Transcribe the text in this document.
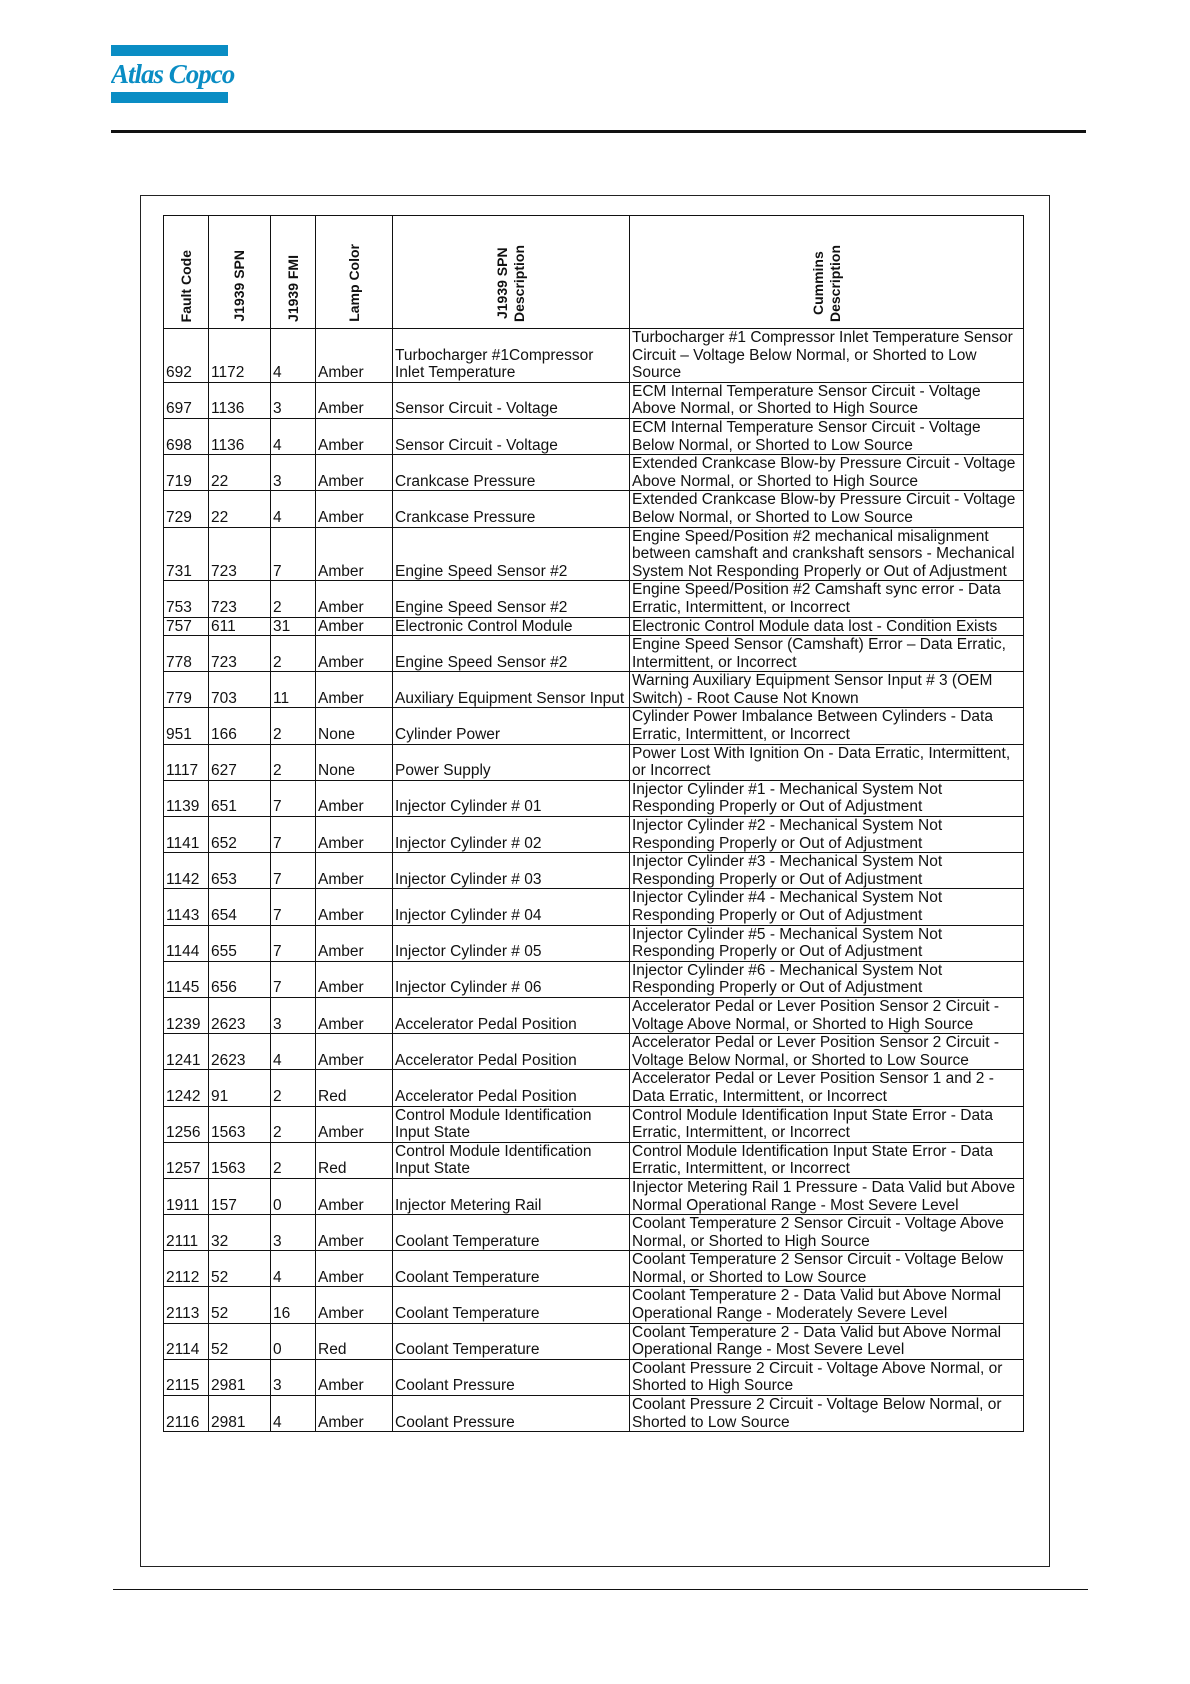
Atlas Copco
Fault Code	J1939 SPN	J1939 FMI	Lamp Color	J1939 SPN Description	Cummins Description

692	1172	4	Amber	Turbocharger #1Compressor Inlet Temperature	Turbocharger #1 Compressor Inlet Temperature Sensor Circuit – Voltage Below Normal, or Shorted to Low Source
697	1136	3	Amber	Sensor Circuit - Voltage	ECM Internal Temperature Sensor Circuit - Voltage Above Normal, or Shorted to High Source
698	1136	4	Amber	Sensor Circuit - Voltage	ECM Internal Temperature Sensor Circuit - Voltage Below Normal, or Shorted to Low Source
719	22	3	Amber	Crankcase Pressure	Extended Crankcase Blow-by Pressure Circuit - Voltage Above Normal, or Shorted to High Source
729	22	4	Amber	Crankcase Pressure	Extended Crankcase Blow-by Pressure Circuit - Voltage Below Normal, or Shorted to Low Source
731	723	7	Amber	Engine Speed Sensor #2	Engine Speed/Position #2 mechanical misalignment between camshaft and crankshaft sensors - Mechanical System Not Responding Properly or Out of Adjustment
753	723	2	Amber	Engine Speed Sensor #2	Engine Speed/Position #2 Camshaft sync error - Data Erratic, Intermittent, or Incorrect
757	611	31	Amber	Electronic Control Module	Electronic Control Module data lost - Condition Exists
778	723	2	Amber	Engine Speed Sensor #2	Engine Speed Sensor (Camshaft) Error – Data Erratic, Intermittent, or Incorrect
779	703	11	Amber	Auxiliary Equipment Sensor Input	Warning Auxiliary Equipment Sensor Input # 3 (OEM Switch) - Root Cause Not Known
951	166	2	None	Cylinder Power	Cylinder Power Imbalance Between Cylinders - Data Erratic, Intermittent, or Incorrect
1117	627	2	None	Power Supply	Power Lost With Ignition On - Data Erratic, Intermittent, or Incorrect
1139	651	7	Amber	Injector Cylinder # 01	Injector Cylinder #1 - Mechanical System Not Responding Properly or Out of Adjustment
1141	652	7	Amber	Injector Cylinder # 02	Injector Cylinder #2 - Mechanical System Not Responding Properly or Out of Adjustment
1142	653	7	Amber	Injector Cylinder # 03	Injector Cylinder #3 - Mechanical System Not Responding Properly or Out of Adjustment
1143	654	7	Amber	Injector Cylinder # 04	Injector Cylinder #4 - Mechanical System Not Responding Properly or Out of Adjustment
1144	655	7	Amber	Injector Cylinder # 05	Injector Cylinder #5 - Mechanical System Not Responding Properly or Out of Adjustment
1145	656	7	Amber	Injector Cylinder # 06	Injector Cylinder #6 - Mechanical System Not Responding Properly or Out of Adjustment
1239	2623	3	Amber	Accelerator Pedal Position	Accelerator Pedal or Lever Position Sensor 2 Circuit - Voltage Above Normal, or Shorted to High Source
1241	2623	4	Amber	Accelerator Pedal Position	Accelerator Pedal or Lever Position Sensor 2 Circuit - Voltage Below Normal, or Shorted to Low Source
1242	91	2	Red	Accelerator Pedal Position	Accelerator Pedal or Lever Position Sensor 1 and 2 - Data Erratic, Intermittent, or Incorrect
1256	1563	2	Amber	Control Module Identification Input State	Control Module Identification Input State Error - Data Erratic, Intermittent, or Incorrect
1257	1563	2	Red	Control Module Identification Input State	Control Module Identification Input State Error - Data Erratic, Intermittent, or Incorrect
1911	157	0	Amber	Injector Metering Rail	Injector Metering Rail 1 Pressure - Data Valid but Above Normal Operational Range - Most Severe Level
2111	32	3	Amber	Coolant Temperature	Coolant Temperature 2 Sensor Circuit - Voltage Above Normal, or Shorted to High Source
2112	52	4	Amber	Coolant Temperature	Coolant Temperature 2 Sensor Circuit - Voltage Below Normal, or Shorted to Low Source
2113	52	16	Amber	Coolant Temperature	Coolant Temperature 2 - Data Valid but Above Normal Operational Range - Moderately Severe Level
2114	52	0	Red	Coolant Temperature	Coolant Temperature 2 - Data Valid but Above Normal Operational Range - Most Severe Level
2115	2981	3	Amber	Coolant Pressure	Coolant Pressure 2 Circuit - Voltage Above Normal, or Shorted to High Source
2116	2981	4	Amber	Coolant Pressure	Coolant Pressure 2 Circuit - Voltage Below Normal, or Shorted to Low Source
